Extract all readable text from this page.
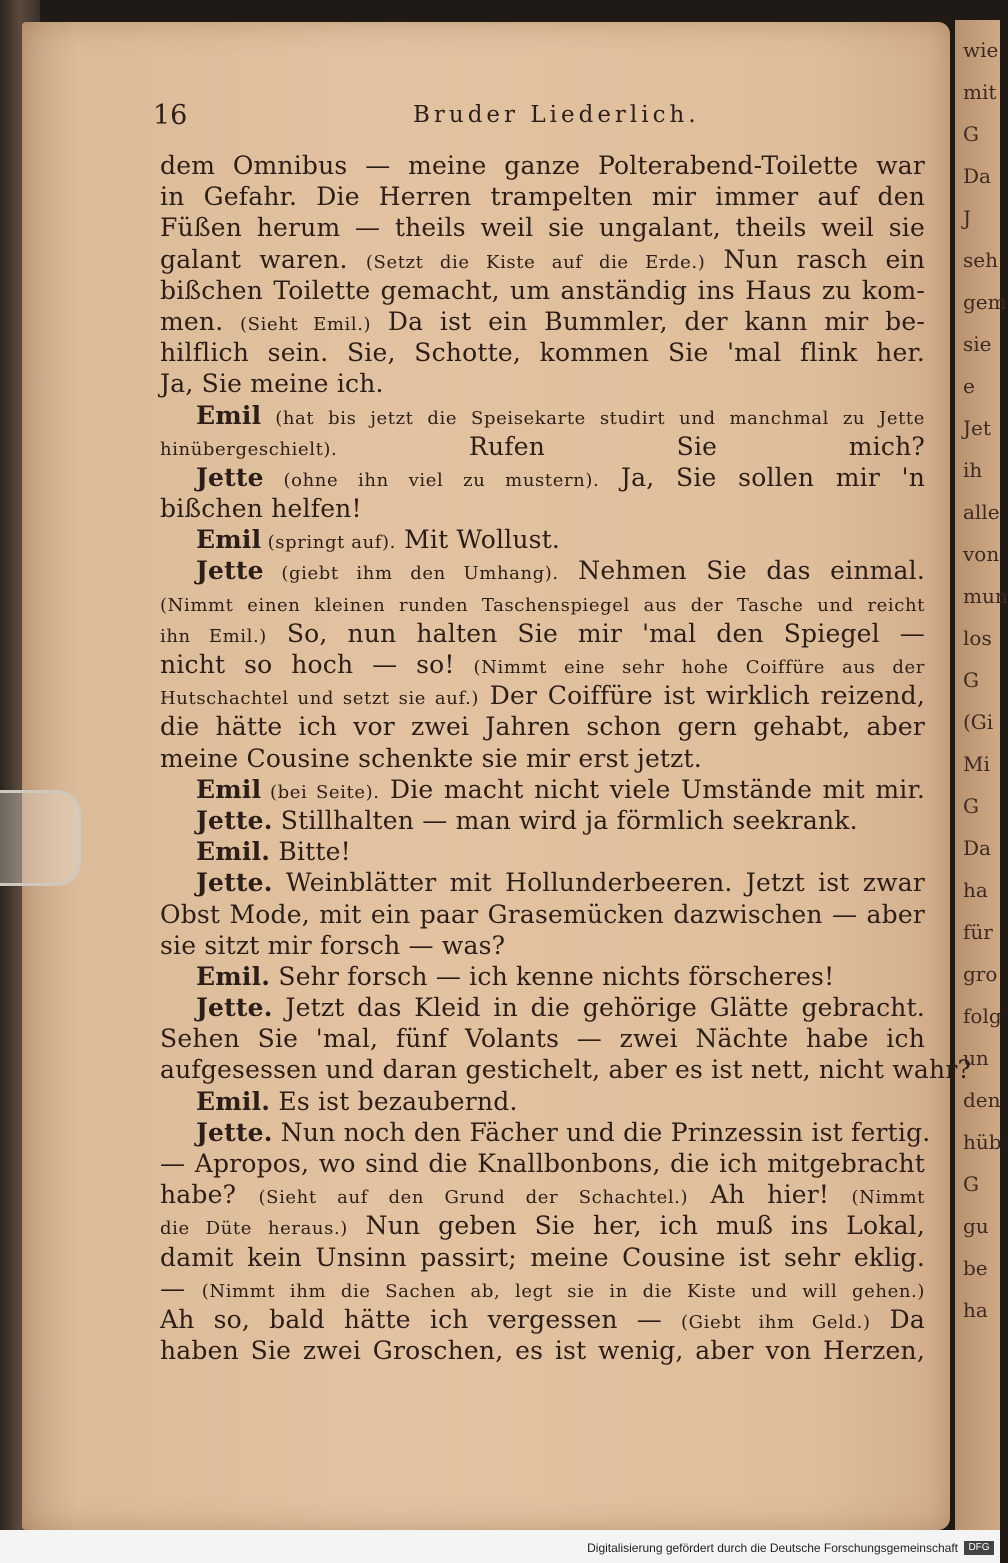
wie
mit
G
Da
J
seh
gem
sie
e
Jet
ih
alle
von
mun
los
G
(Gi
Mi
G
Da
ha
für
gro
folg
un
den
hüb
G
gu
be
ha
16	Bruder Liederlich.
dem Omnibus — meine ganze Polterabend-Toilette war
in Gefahr. Die Herren trampelten mir immer auf den
Füßen herum — theils weil sie ungalant, theils weil sie
galant waren. (Setzt die Kiste auf die Erde.) Nun rasch ein
bißchen Toilette gemacht, um anständig ins Haus zu kom-
men. (Sieht Emil.) Da ist ein Bummler, der kann mir be-
hilflich sein. Sie, Schotte, kommen Sie 'mal flink her.
Ja, Sie meine ich.
Emil (hat bis jetzt die Speisekarte studirt und manchmal zu Jette
hinübergeschielt). Rufen Sie mich?
Jette (ohne ihn viel zu mustern). Ja, Sie sollen mir 'n
bißchen helfen!
Emil (springt auf). Mit Wollust.
Jette (giebt ihm den Umhang). Nehmen Sie das einmal.
(Nimmt einen kleinen runden Taschenspiegel aus der Tasche und reicht
ihn Emil.) So, nun halten Sie mir 'mal den Spiegel —
nicht so hoch — so! (Nimmt eine sehr hohe Coiffüre aus der
Hutschachtel und setzt sie auf.) Der Coiffüre ist wirklich reizend,
die hätte ich vor zwei Jahren schon gern gehabt, aber
meine Cousine schenkte sie mir erst jetzt.
Emil (bei Seite). Die macht nicht viele Umstände mit mir.
Jette. Stillhalten — man wird ja förmlich seekrank.
Emil. Bitte!
Jette. Weinblätter mit Hollunderbeeren. Jetzt ist zwar
Obst Mode, mit ein paar Grasemücken dazwischen — aber
sie sitzt mir forsch — was?
Emil. Sehr forsch — ich kenne nichts förscheres!
Jette. Jetzt das Kleid in die gehörige Glätte gebracht.
Sehen Sie 'mal, fünf Volants — zwei Nächte habe ich
aufgesessen und daran gestichelt, aber es ist nett, nicht wahr?
Emil. Es ist bezaubernd.
Jette. Nun noch den Fächer und die Prinzessin ist fertig.
— Apropos, wo sind die Knallbonbons, die ich mitgebracht
habe? (Sieht auf den Grund der Schachtel.) Ah hier! (Nimmt
die Düte heraus.) Nun geben Sie her, ich muß ins Lokal,
damit kein Unsinn passirt; meine Cousine ist sehr eklig.
— (Nimmt ihm die Sachen ab, legt sie in die Kiste und will gehen.)
Ah so, bald hätte ich vergessen — (Giebt ihm Geld.) Da
haben Sie zwei Groschen, es ist wenig, aber von Herzen,
Digitalisierung gefördert durch die Deutsche Forschungsgemeinschaft	DFG
